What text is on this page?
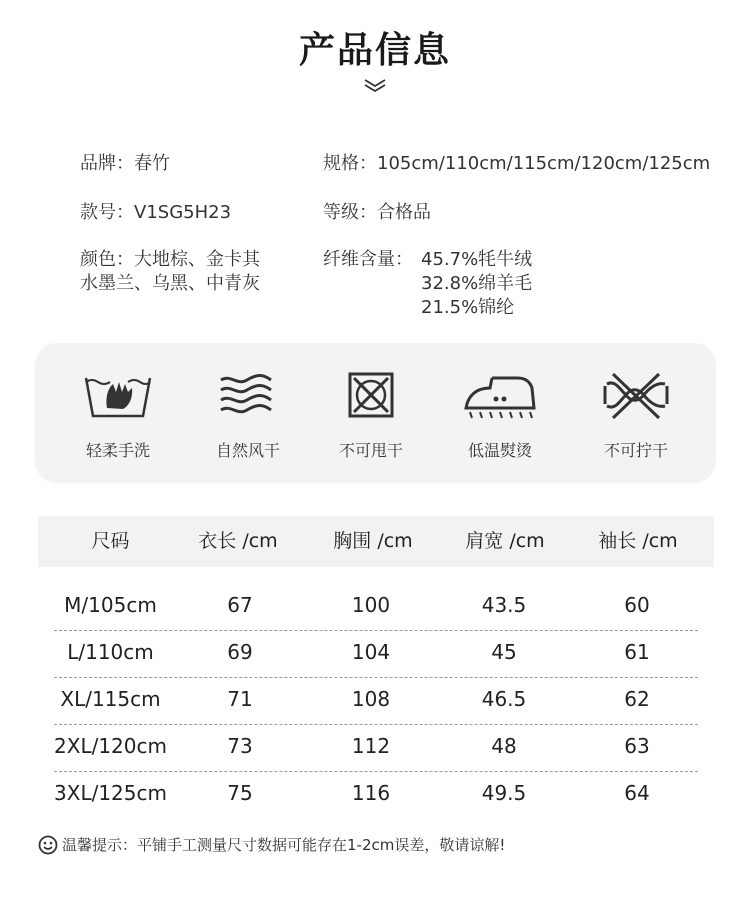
产品信息
品牌：春竹
款号：V1SG5H23
颜色：大地棕、金卡其
水墨兰、乌黑、中青灰
规格：105cm/110cm/115cm/120cm/125cm
等级：合格品
纤维含量： 45.7%牦牛绒
32.8%绵羊毛
21.5%锦纶
轻柔手洗	自然风干	不可甩干	低温熨烫	不可拧干
尺码	衣长 /cm	胸围 /cm	肩宽 /cm	袖长 /cm
M/105cm	67	100	43.5	60
L/110cm	69	104	45	61
XL/115cm	71	108	46.5	62
2XL/120cm	73	112	48	63
3XL/125cm	75	116	49.5	64
温馨提示：平铺手工测量尺寸数据可能存在1-2cm误差，敬请谅解!
